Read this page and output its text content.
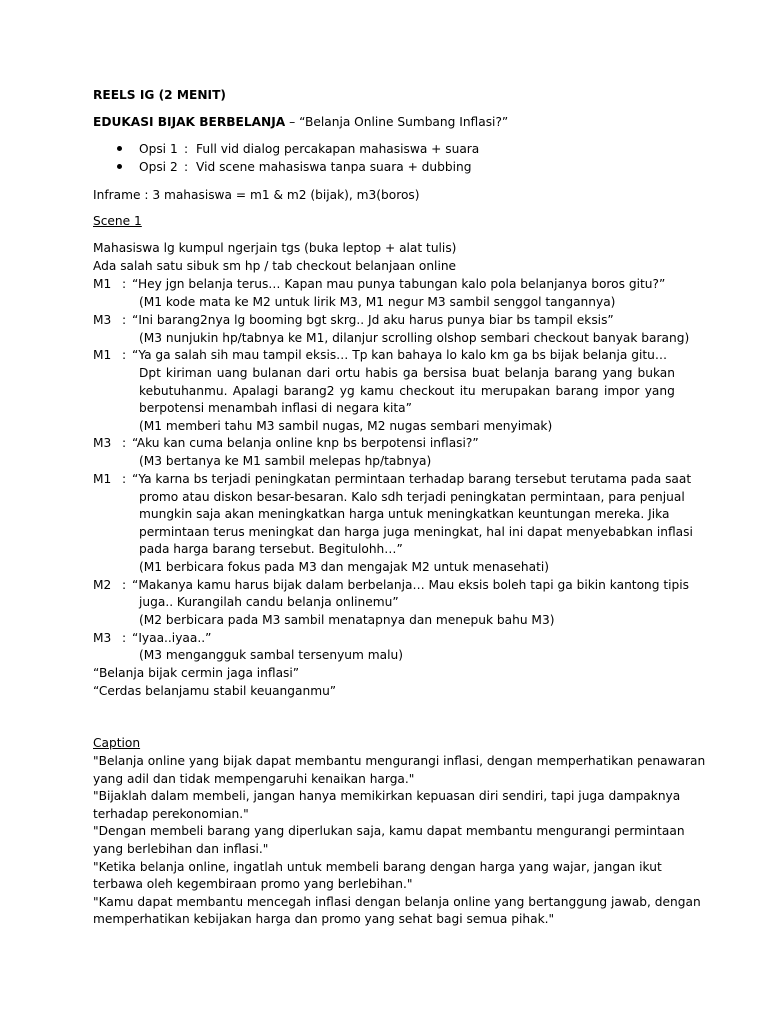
REELS IG (2 MENIT)
EDUKASI BIJAK BERBELANJA – “Belanja Online Sumbang Inflasi?”
Opsi 1 : Full vid dialog percakapan mahasiswa + suara
Opsi 2 : Vid scene mahasiswa tanpa suara + dubbing
Inframe : 3 mahasiswa = m1 & m2 (bijak), m3(boros)
Scene 1
Mahasiswa lg kumpul ngerjain tgs (buka leptop + alat tulis)
Ada salah satu sibuk sm hp / tab checkout belanjaan online
M1 : “Hey jgn belanja terus… Kapan mau punya tabungan kalo pola belanjanya boros gitu?”
(M1 kode mata ke M2 untuk lirik M3, M1 negur M3 sambil senggol tangannya)
M3 : “Ini barang2nya lg booming bgt skrg.. Jd aku harus punya biar bs tampil eksis”
(M3 nunjukin hp/tabnya ke M1, dilanjur scrolling olshop sembari checkout banyak barang)
M1 : “Ya ga salah sih mau tampil eksis… Tp kan bahaya lo kalo km ga bs bijak belanja gitu…
Dpt kiriman uang bulanan dari ortu habis ga bersisa buat belanja barang yang bukan
kebutuhanmu. Apalagi barang2 yg kamu checkout itu merupakan barang impor yang
berpotensi menambah inflasi di negara kita”
(M1 memberi tahu M3 sambil nugas, M2 nugas sembari menyimak)
M3 : “Aku kan cuma belanja online knp bs berpotensi inflasi?”
(M3 bertanya ke M1 sambil melepas hp/tabnya)
M1 : “Ya karna bs terjadi peningkatan permintaan terhadap barang tersebut terutama pada saat
promo atau diskon besar-besaran. Kalo sdh terjadi peningkatan permintaan, para penjual
mungkin saja akan meningkatkan harga untuk meningkatkan keuntungan mereka. Jika
permintaan terus meningkat dan harga juga meningkat, hal ini dapat menyebabkan inflasi
pada harga barang tersebut. Begitulohh…”
(M1 berbicara fokus pada M3 dan mengajak M2 untuk menasehati)
M2 : “Makanya kamu harus bijak dalam berbelanja… Mau eksis boleh tapi ga bikin kantong tipis
juga.. Kurangilah candu belanja onlinemu”
(M2 berbicara pada M3 sambil menatapnya dan menepuk bahu M3)
M3 : “Iyaa..iyaa..”
(M3 mengangguk sambal tersenyum malu)
“Belanja bijak cermin jaga inflasi”
“Cerdas belanjamu stabil keuanganmu”
Caption
"Belanja online yang bijak dapat membantu mengurangi inflasi, dengan memperhatikan penawaran
yang adil dan tidak mempengaruhi kenaikan harga."
"Bijaklah dalam membeli, jangan hanya memikirkan kepuasan diri sendiri, tapi juga dampaknya
terhadap perekonomian."
"Dengan membeli barang yang diperlukan saja, kamu dapat membantu mengurangi permintaan
yang berlebihan dan inflasi."
"Ketika belanja online, ingatlah untuk membeli barang dengan harga yang wajar, jangan ikut
terbawa oleh kegembiraan promo yang berlebihan."
"Kamu dapat membantu mencegah inflasi dengan belanja online yang bertanggung jawab, dengan
memperhatikan kebijakan harga dan promo yang sehat bagi semua pihak."
